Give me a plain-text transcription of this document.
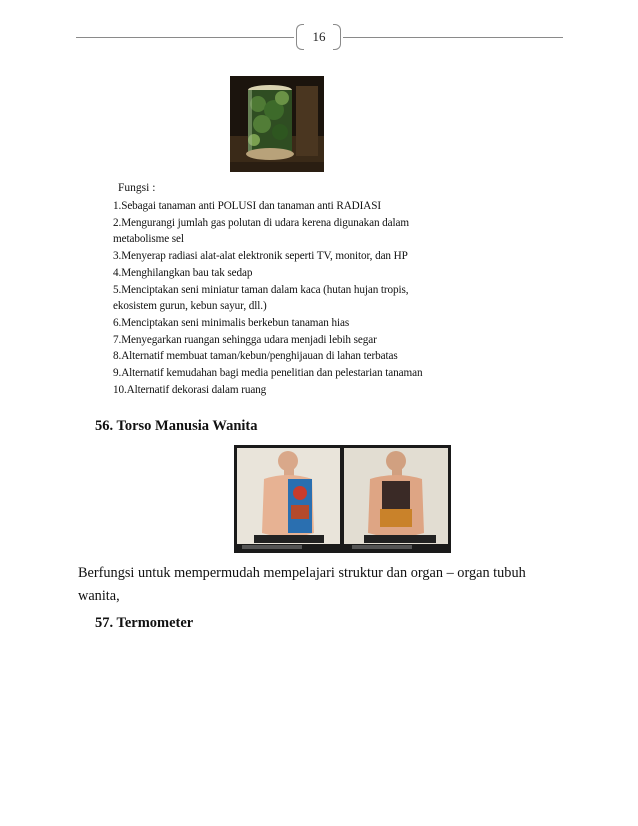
16
Fungsi :
1.Sebagai tanaman anti POLUSI dan tanaman anti RADIASI
2.Mengurangi jumlah gas polutan di udara kerena digunakan dalam
metabolisme sel
3.Menyerap radiasi alat-alat elektronik seperti TV, monitor, dan HP
4.Menghilangkan bau tak sedap
5.Menciptakan seni miniatur taman dalam kaca (hutan hujan tropis,
ekosistem gurun, kebun sayur, dll.)
6.Menciptakan seni minimalis berkebun tanaman hias
7.Menyegarkan ruangan sehingga udara menjadi lebih segar
8.Alternatif membuat taman/kebun/penghijauan di lahan terbatas
9.Alternatif kemudahan bagi media penelitian dan pelestarian tanaman
10.Alternatif dekorasi dalam ruang
56. Torso Manusia Wanita
Berfungsi untuk mempermudah mempelajari struktur dan organ – organ tubuh
wanita,
57. Termometer
